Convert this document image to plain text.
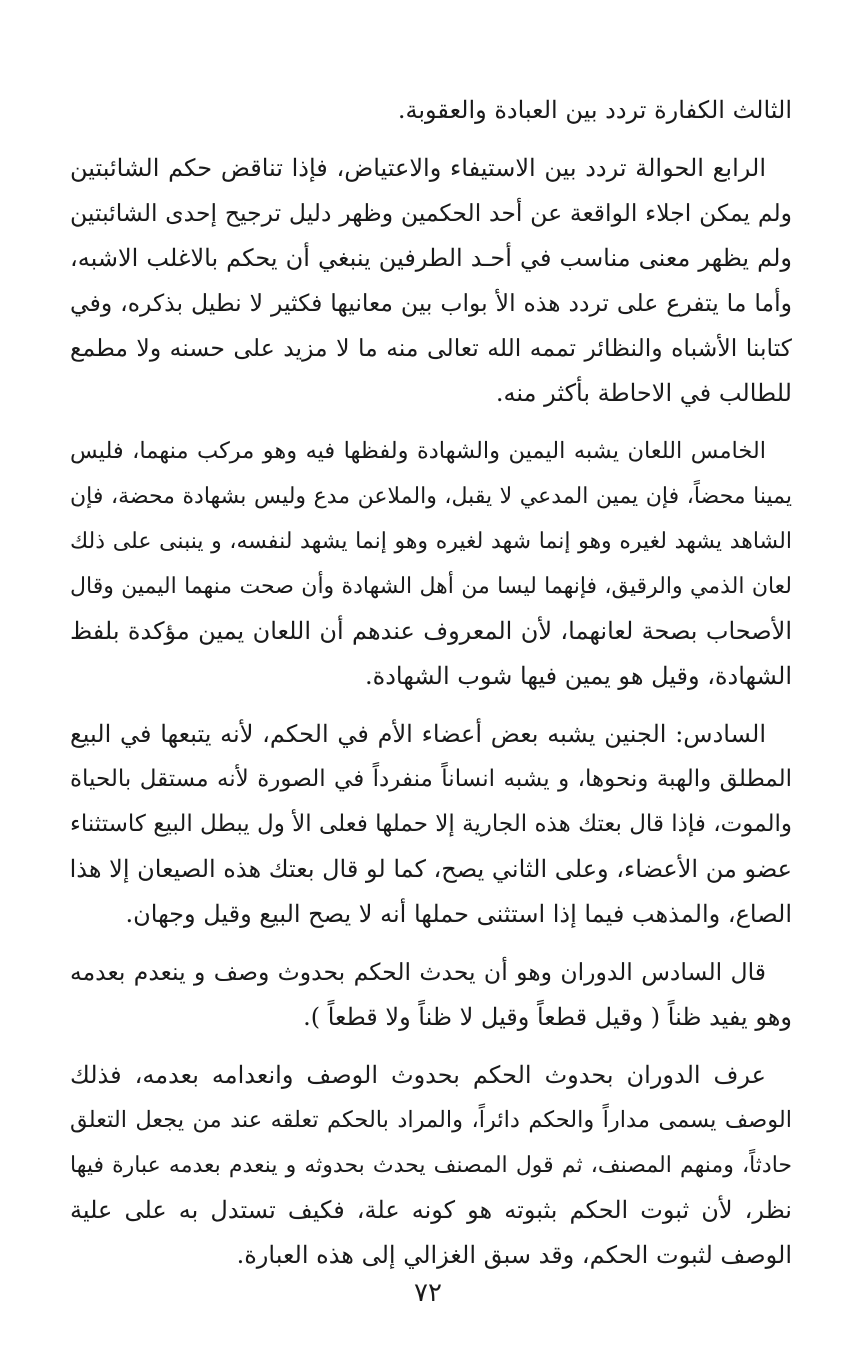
الثالث الكفارة تردد بين العبادة والعقوبة.
الرابع الحوالة تردد بين الاستيفاء والاعتياض، فإذا تناقض حكم الشائبتين
ولم يمكن اجلاء الواقعة عن أحد الحكمين وظهر دليل ترجيح إحدى الشائبتين
ولم يظهر معنى مناسب في أحـد الطرفين ينبغي أن يحكم بالاغلب الاشبه،
وأما ما يتفرع على تردد هذه الأ بواب بين معانيها فكثير لا نطيل بذكره، وفي
كتابنا الأشباه والنظائر تممه الله تعالى منه ما لا مزيد على حسنه ولا مطمع
للطالب في الاحاطة بأكثر منه.
الخامس اللعان يشبه اليمين والشهادة ولفظها فيه وهو مركب منهما، فليس
يمينا محضاً، فإن يمين المدعي لا يقبل، والملاعن مدع وليس بشهادة محضة، فإن
الشاهد يشهد لغيره وهو إنما شهد لغيره وهو إنما يشهد لنفسه، و ينبنى على ذلك
لعان الذمي والرقيق، فإنهما ليسا من أهل الشهادة وأن صحت منهما اليمين وقال
الأصحاب بصحة لعانهما، لأن المعروف عندهم أن اللعان يمين مؤكدة بلفظ
الشهادة، وقيل هو يمين فيها شوب الشهادة.
السادس: الجنين يشبه بعض أعضاء الأم في الحكم، لأنه يتبعها في البيع
المطلق والهبة ونحوها، و يشبه انساناً منفرداً في الصورة لأنه مستقل بالحياة
والموت، فإذا قال بعتك هذه الجارية إلا حملها فعلى الأ ول يبطل البيع كاستثناء
عضو من الأعضاء، وعلى الثاني يصح، كما لو قال بعتك هذه الصيعان إلا هذا
الصاع، والمذهب فيما إذا استثنى حملها أنه لا يصح البيع وقيل وجهان.
قال السادس الدوران وهو أن يحدث الحكم بحدوث وصف و ينعدم بعدمه
وهو يفيد ظناً ( وقيل قطعاً وقيل لا ظناً ولا قطعاً ).
عرف الدوران بحدوث الحكم بحدوث الوصف وانعدامه بعدمه، فذلك
الوصف يسمى مداراً والحكم دائراً، والمراد بالحكم تعلقه عند من يجعل التعلق
حادثاً، ومنهم المصنف، ثم قول المصنف يحدث بحدوثه و ينعدم بعدمه عبارة فيها
نظر، لأن ثبوت الحكم بثبوته هو كونه علة، فكيف تستدل به على علية
الوصف لثبوت الحكم، وقد سبق الغزالي إلى هذه العبارة.
٧٢
